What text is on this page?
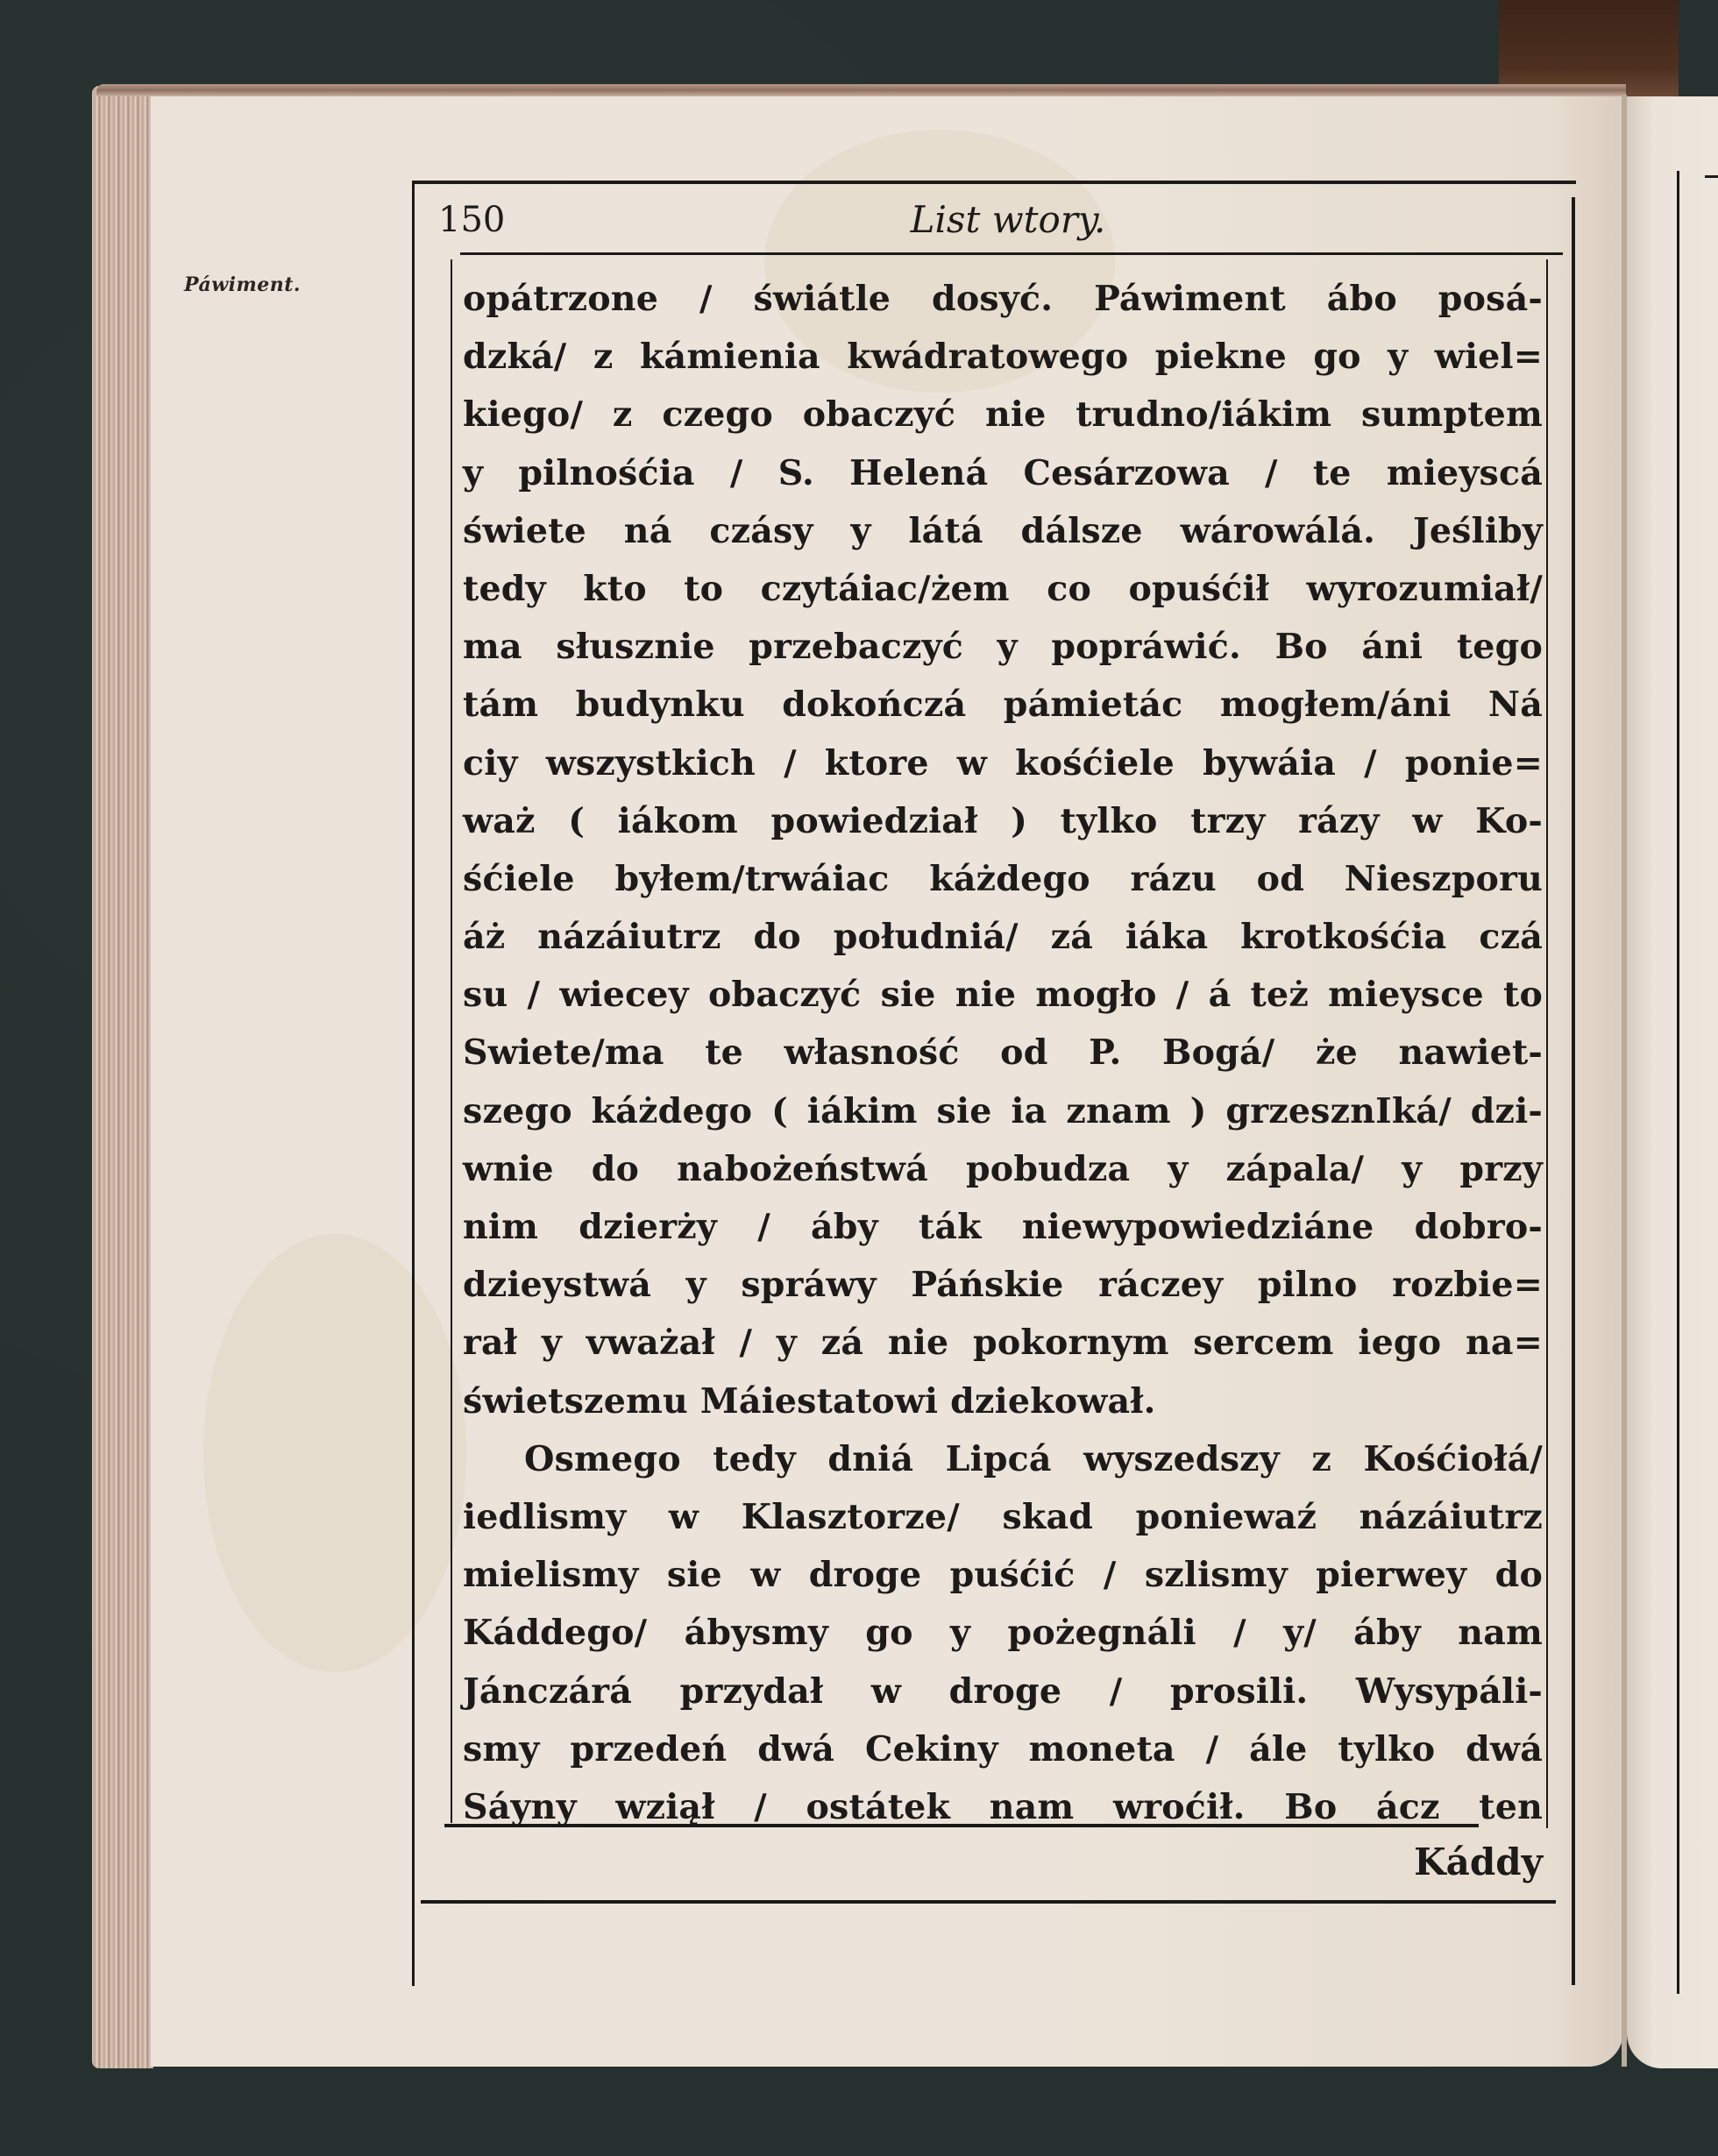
Páwiment.
150	List wtory.
opátrzone / świátle dosyć. Páwiment ábo posá-
dzká/ z kámienia kwádratowego piekne go y wiel=
kiego/ z czego obaczyć nie trudno/iákim sumptem
y pilnośćia / S. Helená Cesárzowa / te mieyscá
świete ná czásy y látá dálsze wárowálá. Jeśliby
tedy kto to czytáiac/żem co opuśćił wyrozumiał/
ma słusznie przebaczyć y popráwić. Bo áni tego
tám budynku dokończá pámietác mogłem/áni Ná
ciy wszystkich / ktore w kośćiele bywáia / ponie=
waż ( iákom powiedział ) tylko trzy rázy w Ko-
śćiele byłem/trwáiac káżdego rázu od Nieszporu
áż názáiutrz do południá/ zá iáka krotkośćia czá
su / wiecey obaczyć sie nie mogło / á też mieysce to
Swiete/ma te własność od P. Bogá/ że nawiet-
szego káżdego ( iákim sie ia znam ) grzesznIká/ dzi-
wnie do nabożeństwá pobudza y zápala/ y przy
nim dzierży / áby ták niewypowiedziáne dobro-
dzieystwá y spráwy Páńskie ráczey pilno rozbie=
rał y vważał / y zá nie pokornym sercem iego na=
świetszemu Máiestatowi dziekował.
Osmego tedy dniá Lipcá wyszedszy z Kośćiołá/
iedlismy w Klasztorze/ skad poniewaź názáiutrz
mielismy sie w droge puśćić / szlismy pierwey do
Káddego/ ábysmy go y pożegnáli / y/ áby nam
Jánczárá przydał w droge / prosili. Wysypáli-
smy przedeń dwá Cekiny moneta / ále tylko dwá
Sáyny wziął / ostátek nam wroćił. Bo ácz ten
Káddy
